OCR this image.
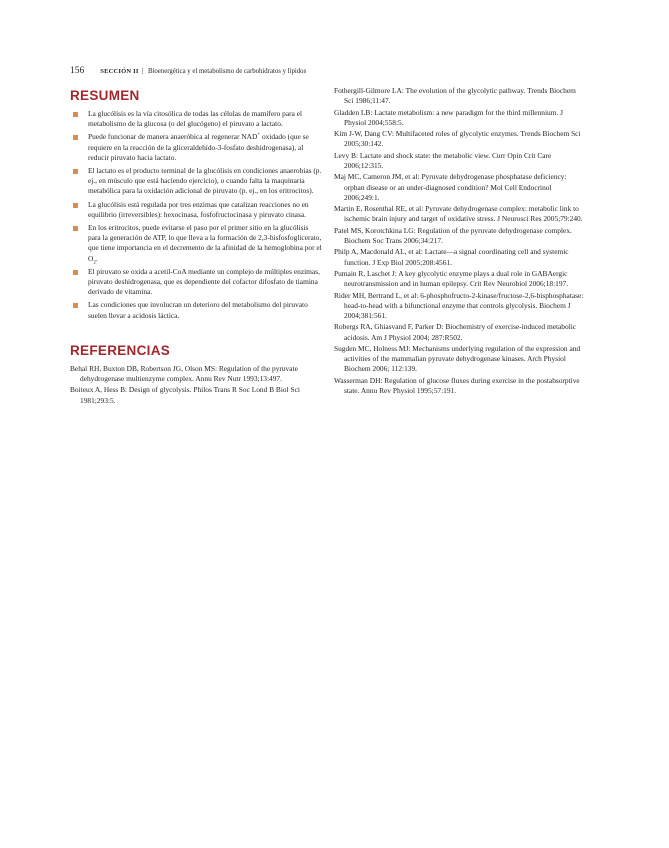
156 SECCIÓN II | Bioenergética y el metabolismo de carbohidratos y lípidos
RESUMEN
La glucólisis es la vía citosólica de todas las células de mamífero para el metabolismo de la glucosa (o del glucógeno) el piruvato a lactato.
Puede funcionar de manera anaeróbica al regenerar NAD+ oxidado (que se requiere en la reacción de la gliceraldehído-3-fosfato deshidrogenasa), al reducir piruvato hacia lactato.
El lactato es el producto terminal de la glucólisis en condiciones anaerobias (p. ej., en músculo que está haciendo ejercicio), o cuando falta la maquinaria metabólica para la oxidación adicional de piruvato (p. ej., en los eritrocitos).
La glucólisis está regulada por tres enzimas que catalizan reacciones no en equilibrio (irreversibles): hexocinasa, fosfofructocinasa y piruvato cinasa.
En los eritrocitos, puede evitarse el paso por el primer sitio en la glucólisis para la generación de ATP, lo que lleva a la formación de 2,3-bisfosfoglicerato, que tiene importancia en el decremento de la afinidad de la hemoglobina por el $O_2$.
El piruvato se oxida a acetil-CoA mediante un complejo de múltiples enzimas, piruvato deshidrogenasa, que es dependiente del cofactor difosfato de tiamina derivado de vitamina.
Las condiciones que involucran un deterioro del metabolismo del piruvato suelen llevar a acidosis láctica.
REFERENCIAS
Behal RH, Buxton DB, Robertson JG, Olson MS: Regulation of the pyruvate dehydrogenase multienzyme complex. Annu Rev Nutr 1993;13:497.
Boiteux A, Hess B: Design of glycolysis. Philos Trans R Soc Lond B Biol Sci 1981;293:5.
Fothergill-Gilmore LA: The evolution of the glycolytic pathway. Trends Biochem Sci 1986;11:47.
Gladden LB: Lactate metabolism: a new paradigm for the third millennium. J Physiol 2004;558:5.
Kim J-W, Dang CV: Multifaceted roles of glycolytic enzymes. Trends Biochem Sci 2005;30:142.
Levy B: Lactate and shock state: the metabolic view. Curr Opin Crit Care 2006;12:315.
Maj MC, Cameron JM, et al: Pyruvate dehydrogenase phosphatase deficiency: orphan disease or an under-diagnosed condition? Mol Cell Endocrinol 2006;249:1.
Martin E, Rosenthal RE, et al: Pyruvate dehydrogenase complex: metabolic link to ischemic brain injury and target of oxidative stress. J Neurosci Res 2005;79:240.
Patel MS, Korotchkina LG: Regulation of the pyruvate dehydrogenase complex. Biochem Soc Trans 2006;34:217.
Philp A, Macdonald AL, et al: Lactate—a signal coordinating cell and systemic function. J Exp Biol 2005;208:4561.
Pumain R, Laschet J: A key glycolytic enzyme plays a dual role in GABAergic neurotransmission and in human epilepsy. Crit Rev Neurobiol 2006;18:197.
Rider MH, Bertrand L, et al: 6-phosphofructo-2-kinase/fructose-2,6-bisphosphatase: head-to-head with a bifunctional enzyme that controls glycolysis. Biochem J 2004;381:561.
Robergs RA, Ghiasvand F, Parker D: Biochemistry of exercise-induced metabolic acidosis. Am J Physiol 2004; 287:R502.
Sugden MC, Holness MJ: Mechanisms underlying regulation of the expression and activities of the mammalian pyruvate dehydrogenase kinases. Arch Physiol Biochem 2006; 112:139.
Wasserman DH: Regulation of glucose fluxes during exercise in the postabsorptive state. Annu Rev Physiol 1995;57:191.
